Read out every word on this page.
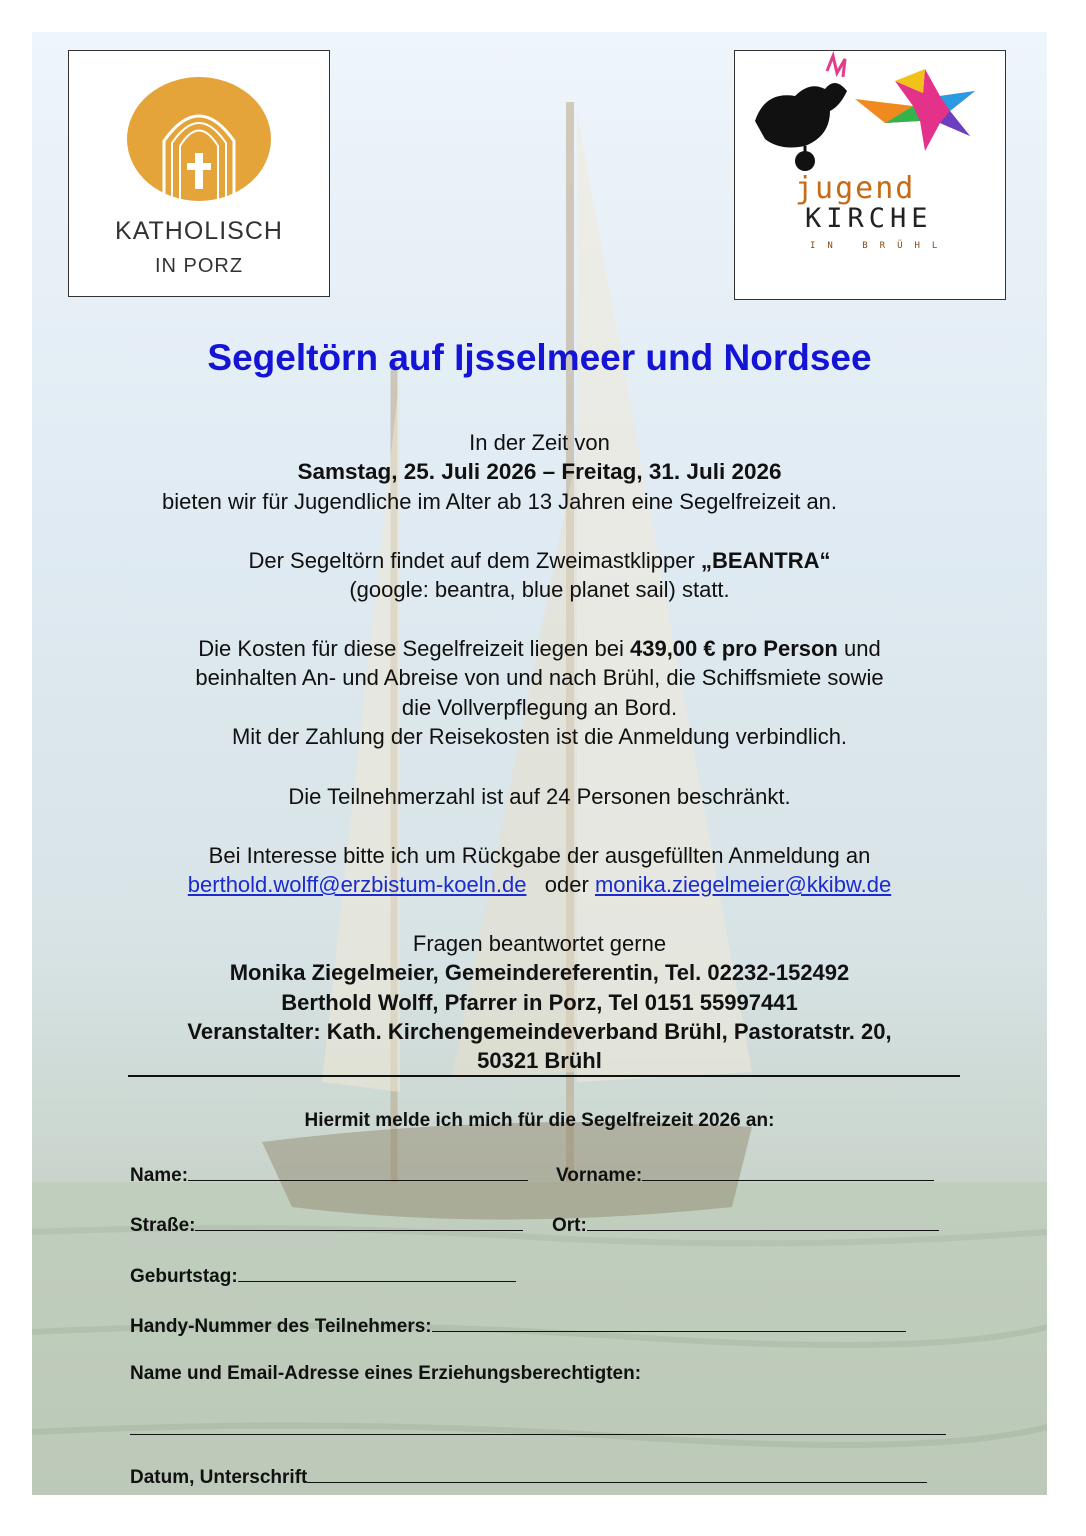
KATHOLISCH
IN PORZ
jugend
KIRCHE
IN BRÜHL
Segeltörn auf Ijsselmeer und Nordsee
In der Zeit von
Samstag, 25. Juli 2026 – Freitag, 31. Juli 2026
bieten wir für Jugendliche im Alter ab 13 Jahren eine Segelfreizeit an.
Der Segeltörn findet auf dem Zweimastklipper „BEANTRA“
(google: beantra, blue planet sail) statt.
Die Kosten für diese Segelfreizeit liegen bei 439,00 € pro Person und
beinhalten An- und Abreise von und nach Brühl, die Schiffsmiete sowie
die Vollverpflegung an Bord.
Mit der Zahlung der Reisekosten ist die Anmeldung verbindlich.
Die Teilnehmerzahl ist auf 24 Personen beschränkt.
Bei Interesse bitte ich um Rückgabe der ausgefüllten Anmeldung an
berthold.wolff@erzbistum-koeln.de oder monika.ziegelmeier@kkibw.de
Fragen beantwortet gerne
Monika Ziegelmeier, Gemeindereferentin, Tel. 02232-152492
Berthold Wolff, Pfarrer in Porz, Tel 0151 55997441
Veranstalter: Kath. Kirchengemeindeverband Brühl, Pastoratstr. 20,
50321 Brühl
Hiermit melde ich mich für die Segelfreizeit 2026 an:
Name:	Vorname:
Straße:	Ort:
Geburtstag:
Handy-Nummer des Teilnehmers:
Name und Email-Adresse eines Erziehungsberechtigten:
Datum, Unterschrift
